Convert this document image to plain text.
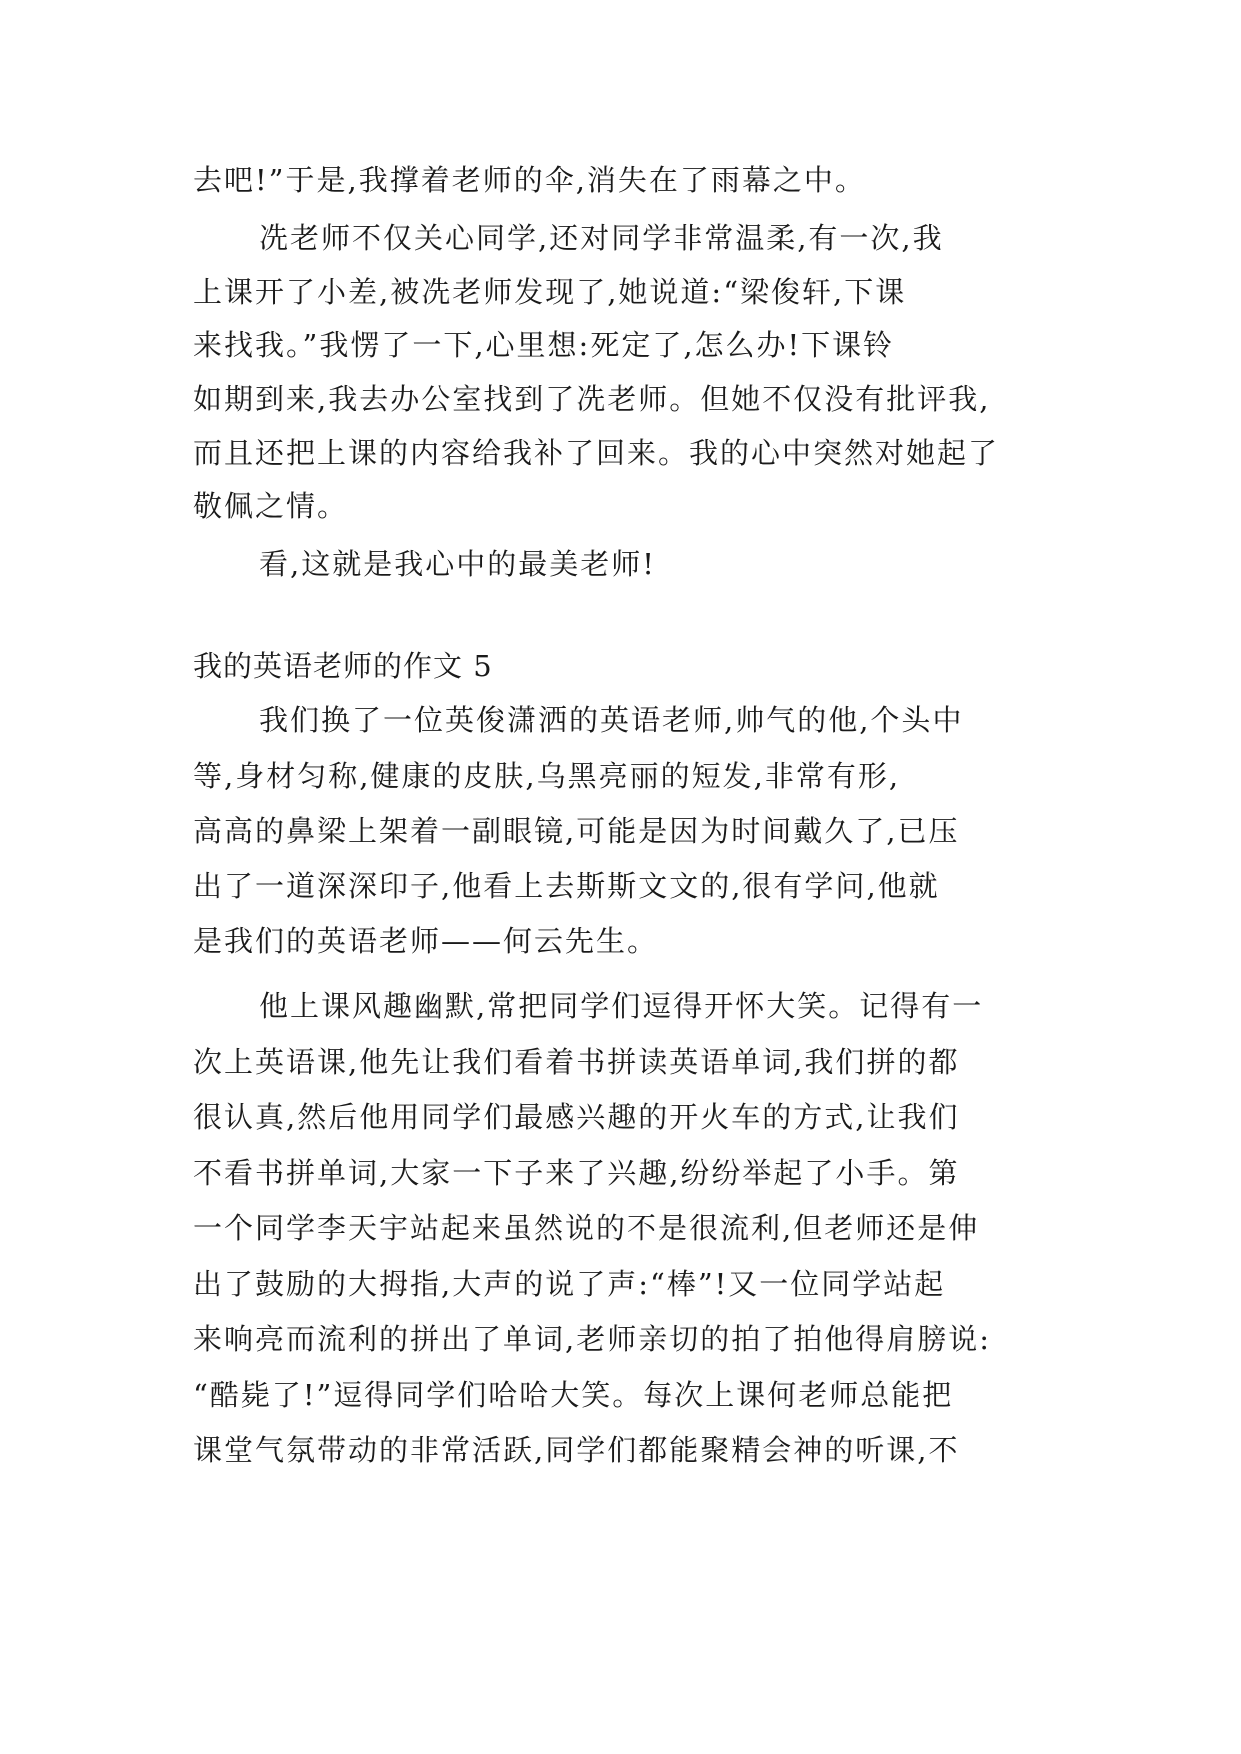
去吧!”于是,我撑着老师的伞,消失在了雨幕之中。
冼老师不仅关心同学,还对同学非常温柔,有一次,我
上课开了小差,被冼老师发现了,她说道:“梁俊轩,下课
来找我。”我愣了一下,心里想:死定了,怎么办!下课铃
如期到来,我去办公室找到了冼老师。但她不仅没有批评我,
而且还把上课的内容给我补了回来。我的心中突然对她起了
敬佩之情。
看,这就是我心中的最美老师!
我的英语老师的作文 5
我们换了一位英俊潇洒的英语老师,帅气的他,个头中
等,身材匀称,健康的皮肤,乌黑亮丽的短发,非常有形,
高高的鼻梁上架着一副眼镜,可能是因为时间戴久了,已压
出了一道深深印子,他看上去斯斯文文的,很有学问,他就
是我们的英语老师——何云先生。
他上课风趣幽默,常把同学们逗得开怀大笑。记得有一
次上英语课,他先让我们看着书拼读英语单词,我们拼的都
很认真,然后他用同学们最感兴趣的开火车的方式,让我们
不看书拼单词,大家一下子来了兴趣,纷纷举起了小手。第
一个同学李天宇站起来虽然说的不是很流利,但老师还是伸
出了鼓励的大拇指,大声的说了声:“棒”!又一位同学站起
来响亮而流利的拼出了单词,老师亲切的拍了拍他得肩膀说:
“酷毙了!”逗得同学们哈哈大笑。每次上课何老师总能把
课堂气氛带动的非常活跃,同学们都能聚精会神的听课,不
